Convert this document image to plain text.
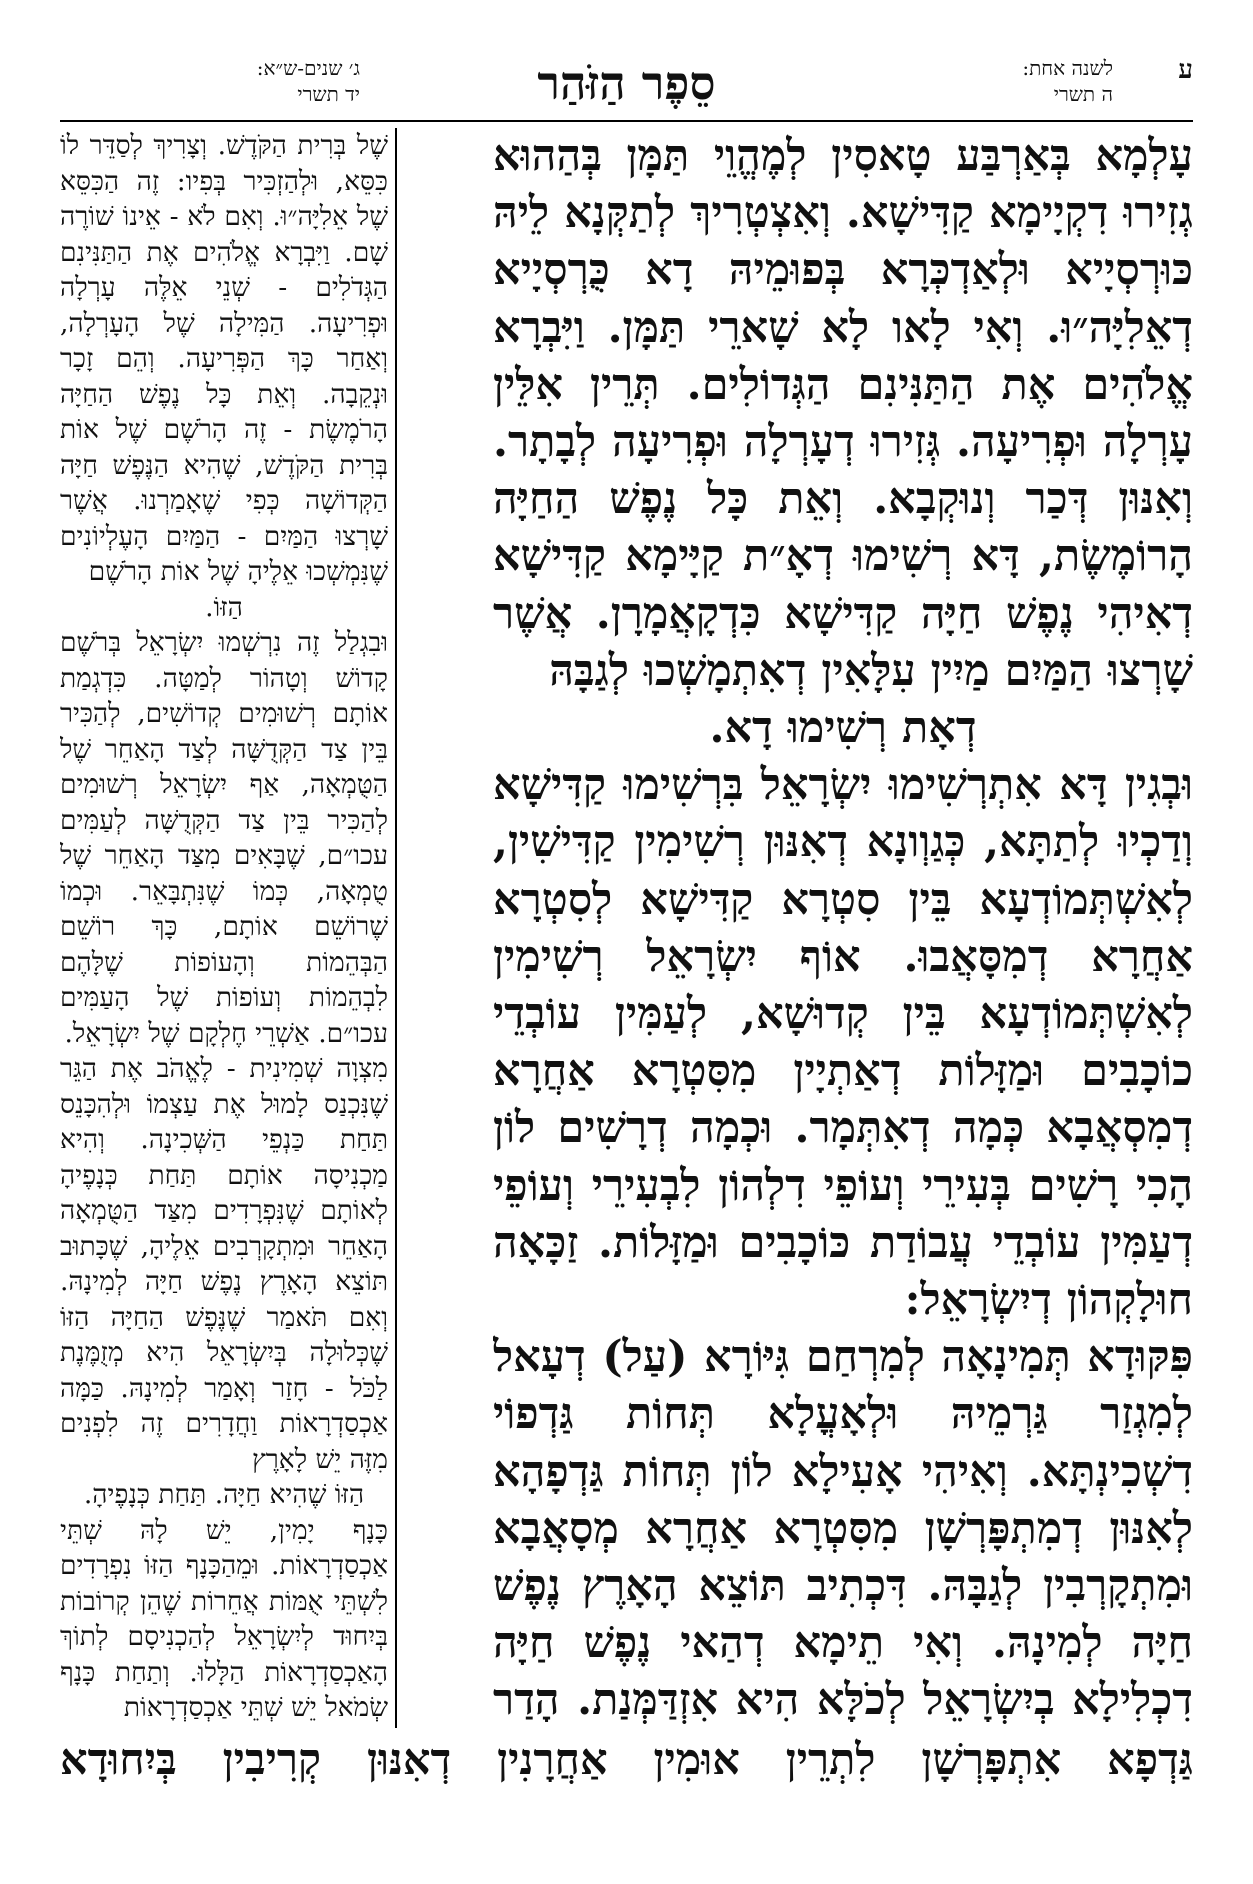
ע
לשנה אחת:
ה תשרי
סֵפֶר הַזֹּהַר
ג׳ שנים-ש״א:
יד תשרי

עָלְמָא בְּאַרְבַּע טָאסִין לְמֶהֱוֵי תַּמָּן בְּהַהוּא גְזִירוּ דִקְיָימָא קַדִּישָׁא. וְאִצְטְרִיךְ לְתַקְּנָא לֵיהּ כּוּרְסְיָיא וּלְאַדְכְּרָא בְּפוּמֵיהּ דָא כֻּרְסְיָיא דְאֵלִיָּה״וּ. וְאִי לָאו לָא שָׁארֵי תַּמָּן. וַיִּבְרָא אֱלֹהִים אֶת הַתַּנִּינִם הַגְּדוֹלִים. תְּרֵין אִלֵּין עָרְלָה וּפְרִיעָה. גְּזִירוּ דְעָרְלָה וּפְרִיעָה לְבָתָר. וְאִנּוּן דְּכַר וְנוּקְבָא. וְאֵת כָּל נֶפֶשׁ הַחַיָּה הָרוֹמֶשֶׂת, דָּא רְשִׁימוּ דְאָ״ת קַיָּימָא קַדִּישָׁא דְאִיהִי נֶפֶשׁ חַיָּה קַדִּישָׁא כִּדְקָאֲמָרָן. אֲשֶׁר שָׁרְצוּ הַמַּיִם מַיִין עִלָּאִין דְאִתְמָשְׁכוּ לְגַבָּהּ

דְאָת רְשִׁימוּ דָא.

וּבְגִין דָּא אִתְרְשִׁימוּ יִשְׂרָאֵל בִּרְשִׁימוּ קַדִּישָׁא וְדַכְיוּ לְתַתָּא, כְּגַוְונָא דְאִנּוּן רְשִׁימִין קַדִּישִׁין, לְאִשְׁתְּמוֹדְעָא בֵּין סִטְרָא קַדִּישָׁא לְסִטְרָא אַחֲרָא דְמִסָּאֲבוּ. אוֹף יִשְׂרָאֵל רְשִׁימִין לְאִשְׁתְּמוֹדְעָא בֵּין קְדוּשָׁא, לְעַמִּין עוֹבְדֵי כוֹכָבִים וּמַזָּלוֹת דְאַתְיָין מִסִּטְרָא אַחֲרָא דְמִסְאֲבָא כְּמָה דְאִתְּמָר. וּכְמָה דְרָשִׁים לוֹן הָכִי רָשִׁים בְּעִירֵי וְעוֹפֵי דִלְהוֹן לִבְעִירֵי וְעוֹפֵי דְעַמִּין עוֹבְדֵי עֲבוֹדַת כּוֹכָבִים וּמַזָּלוֹת. זַכָּאָה חוּלָקְהוֹן דְיִשְׂרָאֵל:

פִּקּוּדָא תְּמִינָאָה לְמִרְחַם גִּיּוֹרָא (עַל) דְעָאל לְמִגְזַר גַּרְמֵיהּ וּלְאָעֳלָא תְּחוֹת גַּדְפוֹי דִשְׁכִינְתָּא. וְאִיהִי אָעִילָא לוֹן תְּחוֹת גַּדְפָהָא לְאִנּוּן דְמִתְפָּרְשָׁן מִסִּטְרָא אַחֲרָא מְסָאֲבָא וּמִתְקָרְבִין לְגַבָּהּ. דִּכְתִיב תּוֹצֵא הָאָרֶץ נֶפֶשׁ חַיָּה לְמִינָהּ. וְאִי תֵימָא דְהַאי נֶפֶשׁ חַיָּה דִכְלִילָא בְיִשְׂרָאֵל לְכֹלָּא הִיא אִזְדַּמְּנַת. הָדַר

שֶׁל בְּרִית הַקֹּדֶשׁ. וְצָרִיךְ לְסַדֵּר לוֹ כִּסֵּא, וּלְהַזְכִּיר בְּפִיו: זֶה הַכִּסֵּא שֶׁל אֵלִיָּה״וּ. וְאִם לֹא - אֵינוֹ שׁוֹרֶה שָׁם. וַיִּבְרָא אֱלֹהִים אֶת הַתַּנִּינִם הַגְּדֹלִים - שְׁנֵי אֵלֶּה עָרְלָה וּפְרִיעָה. הַמִּילָה שֶׁל הָעָרְלָה, וְאַחַר כָּךְ הַפְּרִיעָה. וְהֵם זָכָר וּנְקֵבָה. וְאֵת כָּל נֶפֶשׁ הַחַיָּה הָרֹמֶשֶׂת - זֶה הָרֹשֶׁם שֶׁל אוֹת בְּרִית הַקֹּדֶשׁ, שֶׁהִיא הַנֶּפֶשׁ חַיָּה הַקְּדוֹשָׁה כְּפִי שֶׁאָמַרְנוּ. אֲשֶׁר שָׁרְצוּ הַמַּיִם - הַמַּיִם הָעֶלְיוֹנִים שֶׁנִּמְשְׁכוּ אֵלֶיהָ שֶׁל אוֹת הָרֹשֶׁם

הַזּוֹ.

וּבִגְלַל זֶה נִרְשְׁמוּ יִשְׂרָאֵל בְּרֹשֶׁם קָדוֹשׁ וְטָהוֹר לְמַטָּה. כִּדְגְמַת אוֹתָם רְשׁוּמִים קְדוֹשִׁים, לְהַכִּיר בֵּין צַד הַקְּדֻשָּׁה לְצַד הָאַחֵר שֶׁל הַטֻּמְאָה, אַף יִשְׂרָאֵל רְשׁוּמִים לְהַכִּיר בֵּין צַד הַקְּדֻשָּׁה לְעַמִּים עכו״ם, שֶׁבָּאִים מִצַּד הָאַחֵר שֶׁל טֻמְאָה, כְּמוֹ שֶׁנִּתְבָּאֵר. וּכְמוֹ שֶׁרוֹשֵׁם אוֹתָם, כָּךְ רוֹשֵׁם הַבְּהֵמוֹת וְהָעוֹפוֹת שֶׁלָּהֶם לִבְהֵמוֹת וְעוֹפוֹת שֶׁל הָעַמִּים עכו״ם. אַשְׁרֵי חֶלְקָם שֶׁל יִשְׂרָאֵל.

מִצְוָה שְׁמִינִית - לֶאֱהֹב אֶת הַגֵּר שֶׁנִּכְנַס לָמוּל אֶת עַצְמוֹ וּלְהִכָּנֵס תַּחַת כַּנְפֵי הַשְּׁכִינָה. וְהִיא מַכְנִיסָה אוֹתָם תַּחַת כְּנָפֶיהָ לְאוֹתָם שֶׁנִּפְרָדִים מִצַּד הַטֻּמְאָה הָאַחֵר וּמִתְקָרְבִים אֵלֶיהָ, שֶׁכָּתוּב תּוֹצֵא הָאָרֶץ נֶפֶשׁ חַיָּה לְמִינָהּ. וְאִם תֹּאמַר שֶׁנֶּפֶשׁ הַחַיָּה הַזּוֹ שֶׁכְּלוּלָה בְּיִשְׂרָאֵל הִיא מְזֻמֶּנֶת לַכֹּל - חָזַר וְאָמַר לְמִינָהּ. כַּמָּה אַכְסַדְרָאוֹת וַחֲדָרִים זֶה לִפְנִים מִזֶּה יֵשׁ לָאָרֶץ

הַזּוֹ שֶׁהִיא חַיָּה. תַּחַת כְּנָפֶיהָ.

כָּנָף יָמִין, יֵשׁ לָהּ שְׁתֵּי אַכְסַדְרָאוֹת. וּמֵהַכָּנָף הַזּוֹ נִפְרָדִים לִשְׁתֵּי אֻמּוֹת אֲחֵרוֹת שֶׁהֵן קְרוֹבוֹת בְּיִחוּד לְיִשְׂרָאֵל לְהַכְנִיסָם לְתוֹךְ הָאַכְסַדְרָאוֹת הַלָּלוּ. וְתַחַת כָּנָף שְׂמֹאל יֵשׁ שְׁתֵּי אַכְסַדְרָאוֹת

גַּדְפָא אִתְפָּרְשָׁן לִתְרֵין אוּמִין אַחֲרָנִין דְאִנּוּן קְרִיבִין בְּיִחוּדָא
